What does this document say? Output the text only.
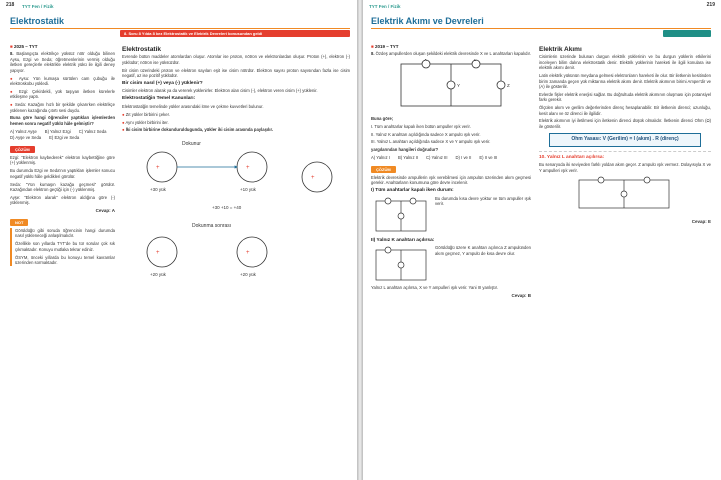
218 TYT Fen / Fizik
Elektrostatik
8. Soru 8 Yılda 8 kez Elektrostatik ve Elektrik Devreleri konusundan geldi
■ 2025 – TYT

8. Başlangıçta elektrikçe yüksüz nötr olduğu bilinen Aysu, Ezgi ve Seda; öğretmenlerinin vermiş olduğu iletken gereçlerle elektrikle elektrik yükü ile ilgili deney yapıyor.

● Aysu: Yün kumaşa sürtülen cam çubuğu ile elektroskobu yükledi.

● Ezgi: Çekirdekli, yük taşıyan iletken kürelerle etkileşme yaptı.

● Seda: Kazağını hızlı bir şekilde çıkarırken elektrikçe yüklenen kazağında çıtırtı sesi duydu.

Buna göre hangi öğrenciler yaptıkları işlemlerden hemen sonra negatif yüklü hâle gelmiştir?

A) Yalnız Ayşe B) Yalnız Ezgi C) Yalnız Seda
D) Ayşe ve Seda E) Ezgi ve Seda
ÇÖZÜM

Ezgi: "Elektron kaybederek" elektron kaybettiğine göre (+) yüklenmiş.

Bu durumda Ezgi ve Seda'nın yaptıkları işlemler sonucu negatif yüklü hâle geldikleri görülür.

Seda: "Yün kumaşın kazağa geçmesi" görülür. Kazağından elektron geçtiği için (-) yüklenmiş.

Ayşe: "Elektron alarak" elektron aldığına göre (-) yüklenmiş.

Cevap: A
NOT

Görüldüğü gibi soruda öğrencinin hangi durumda nasıl yükleneceği anlaşılmalıdır.

Özellikle son yıllarda TYT'de bu tür sorular çok sık çıkmaktadır. Konuyu mutlaka tekrar ediniz.

ÖSYM, önceki yıllarda bu konuyu temel kavramlar üzerinden sormaktadır.

Elektrostatik

Evrende bütün maddeler atomlardan oluşur. Atomlar ise proton, nötron ve elektronlardan oluşur. Proton (+), elektron (-) yüklüdür; nötron ise yüksüzdür.

Bir cisim üzerindeki proton ve elektron sayıları eşit ise cisim nötrdür. Elektron sayısı proton sayısından fazla ise cisim negatif, az ise pozitif yüklüdür.

Bir cisim nasıl (+) veya (-) yüklenir?

Cisimler elektron alarak ya da vererek yüklenirler. Elektron alan cisim (-), elektron veren cisim (+) yüklenir.

Elektrostatiğin Temel Kanunları:

Elektrostatiğin temelinde yükler arasındaki itme ve çekme kuvvetleri bulunur.

● Zıt yükler birbirini çeker.

● Aynı yükler birbirini iter.

● İki cisim birbirine dokunduruldugunda, yükler iki cisim arasında paylaşılır.

Dokunur
+	+
+30 yük	+10 yük
+30 +10 = +40
Dokunma sonrası
+	+
+20 yük	+20 yük
+
TYT Fen / Fizik	219
Elektrik Akımı ve Devreleri
■ 2019 – TYT

8. Özdeş ampullerden oluşan şekildeki elektrik devresinde X ve L anahtarları kapalıdır.

X	L
Y	Z

Buna göre;

I. Tüm anahtarlar kapalı iken bütün ampuller ışık verir.

II. Yalnız K anahtarı açıldığında sadece X ampulü ışık verir.

III. Yalnız L anahtarı açıldığında sadece X ve Y ampulü ışık verir.

yargılarından hangileri doğrudur?

A) Yalnız I B) Yalnız II C) Yalnız III D) I ve II E) II ve III
ÇÖZÜM

Elektrik devresinde ampullerin ışık verebilmesi için ampulün üzerinden akım geçmesi gerekir. Anahtarların konumuna göre devre incelenir.

I) Tüm anahtarlar kapalı iken durum:

Bu durumda kısa devre yoktur ve tüm ampuller ışık verir.

II) Yalnız K anahtarı açılırsa:

Görüldüğü üzere K anahtarı açılınca Z ampulünden akım geçmez, Y ampulü de kısa devre olur.

Yalnız L anahtarı açılırsa, X ve Y ampulleri ışık verir. Yani III yanlıştır.

Cevap: B
Elektrik Akımı

Cisimlerin üzerinde bulunan durgun elektrik yüklerinin ve bu durgun yüklerin etkilerini inceleyen bilim dalına elektrostatik denir. Elektrik yüklerinin hareketi ile ilgili konulara ise elektrik akımı denir.

Latin elektrik yükünün meydana gelmesi elektronların hareketi ile olur. Bir iletkenin kesitinden birim zamanda geçen yük miktarına elektrik akımı denir. Elektrik akımının birimi Amper'dir ve (A) ile gösterilir.

Evlerde fişler elektrik enerjisi sağlar. Bu doğrultuda elektrik akımının oluşması için potansiyel farkı gerekir.

Ölçülen akım ve gerilim değerlerinden direnç hesaplanabilir. Bir iletkenin direnci; uzunluğu, kesit alanı ve öz direnci ile ilgilidir.

Elektrik akımının iyi iletilmesi için iletkenin direnci düşük olmalıdır. İletkenin direnci Ohm (Ω) ile gösterilir.

Ohm Yasası: V (Gerilim) = I (akım) . R (direnç)
10. Yalnız L anahtarı açılırsa:

Bu senaryoda iki seviyeden farklı yoldan akım geçer. Z ampulü ışık vermez. Dolayısıyla X ve Y ampulleri ışık verir.

Cevap: E
